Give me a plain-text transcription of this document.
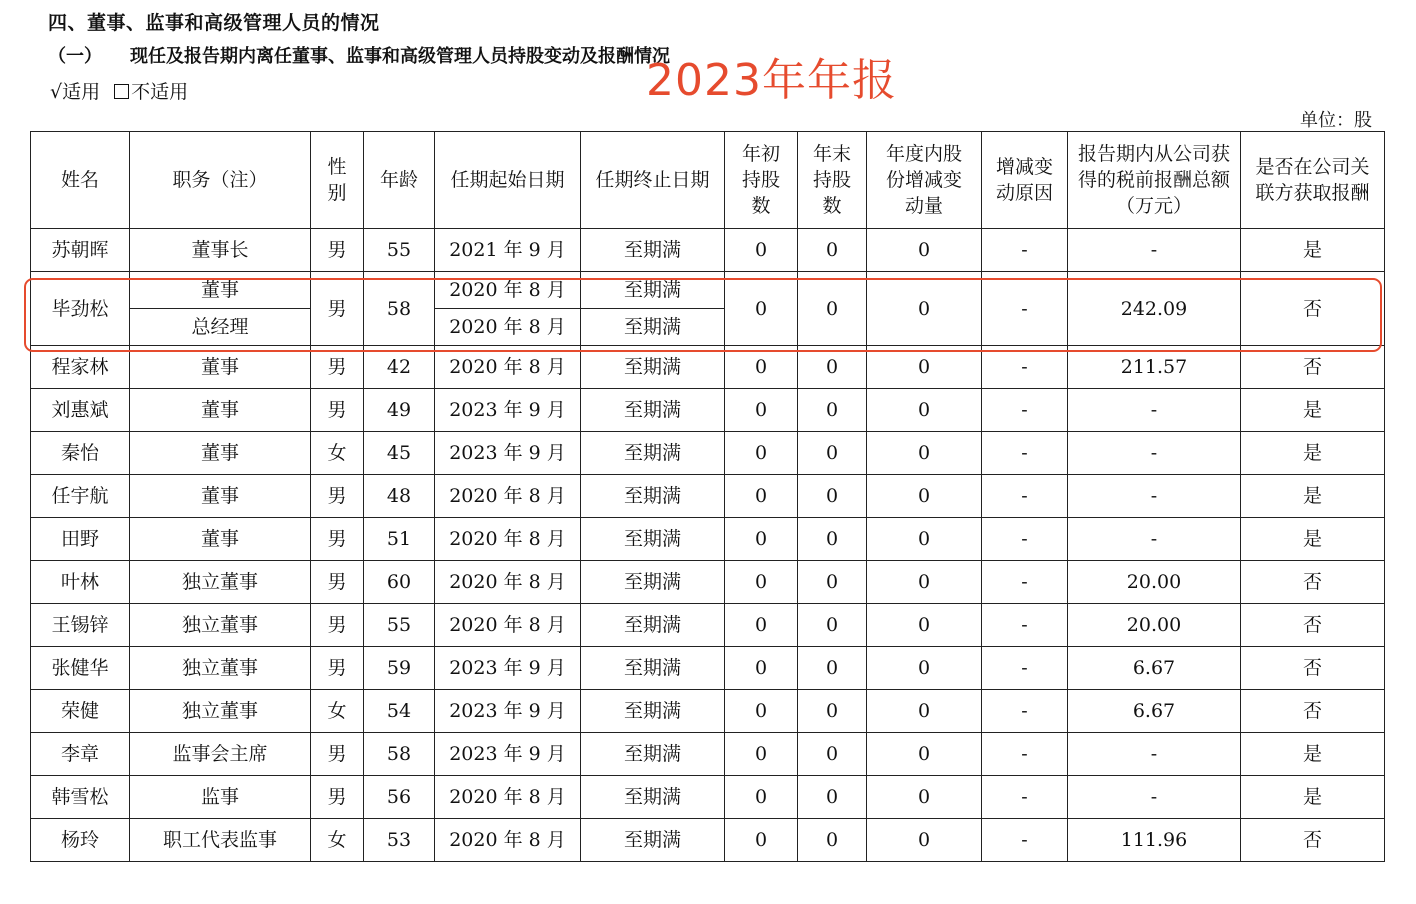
四、董事、监事和高级管理人员的情况
（一） 现任及报告期内离任董事、监事和高级管理人员持股变动及报酬情况
2023年年报
√适用 不适用
单位：股
姓名	职务（注）	性别	年龄	任期起始日期	任期终止日期	年初持股数	年末持股数	年度内股份增减变动量	增减变动原因	报告期内从公司获得的税前报酬总额（万元）	是否在公司关联方获取报酬
苏朝晖	董事长	男	55	2021 年 9 月	至期满	0	0	0	-	-	是
毕劲松	董事	男	58	2020 年 8 月	至期满	0	0	0	-	242.09	否
	总经理			2020 年 8 月	至期满						
程家林	董事	男	42	2020 年 8 月	至期满	0	0	0	-	211.57	否
刘惠斌	董事	男	49	2023 年 9 月	至期满	0	0	0	-	-	是
秦怡	董事	女	45	2023 年 9 月	至期满	0	0	0	-	-	是
任宇航	董事	男	48	2020 年 8 月	至期满	0	0	0	-	-	是
田野	董事	男	51	2020 年 8 月	至期满	0	0	0	-	-	是
叶林	独立董事	男	60	2020 年 8 月	至期满	0	0	0	-	20.00	否
王锡锌	独立董事	男	55	2020 年 8 月	至期满	0	0	0	-	20.00	否
张健华	独立董事	男	59	2023 年 9 月	至期满	0	0	0	-	6.67	否
荣健	独立董事	女	54	2023 年 9 月	至期满	0	0	0	-	6.67	否
李章	监事会主席	男	58	2023 年 9 月	至期满	0	0	0	-	-	是
韩雪松	监事	男	56	2020 年 8 月	至期满	0	0	0	-	-	是
杨玲	职工代表监事	女	53	2020 年 8 月	至期满	0	0	0	-	111.96	否
